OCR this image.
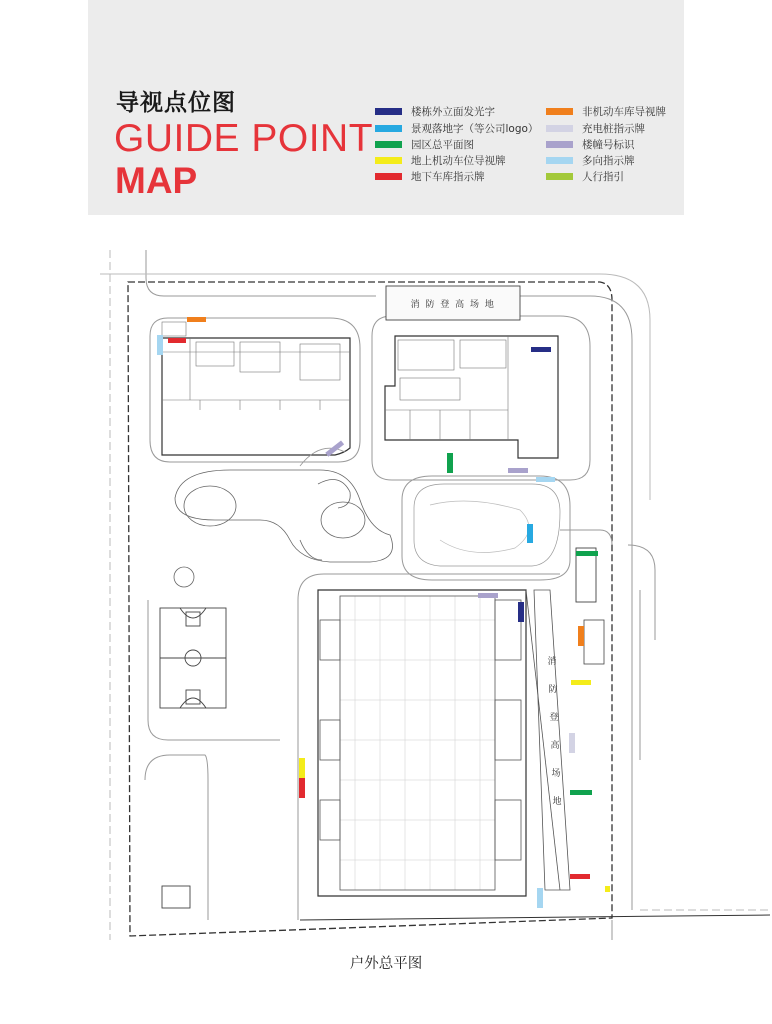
导视点位图
GUIDE POINT
MAP
楼栋外立面发光字
景观落地字（等公司logo）
园区总平面图
地上机动车位导视牌
地下车库指示牌
非机动车库导视牌
充电桩指示牌
楼幢号标识
多向指示牌
人行指引
消 防 登 高 场 地
消
防
登
高
场
地
户外总平图
